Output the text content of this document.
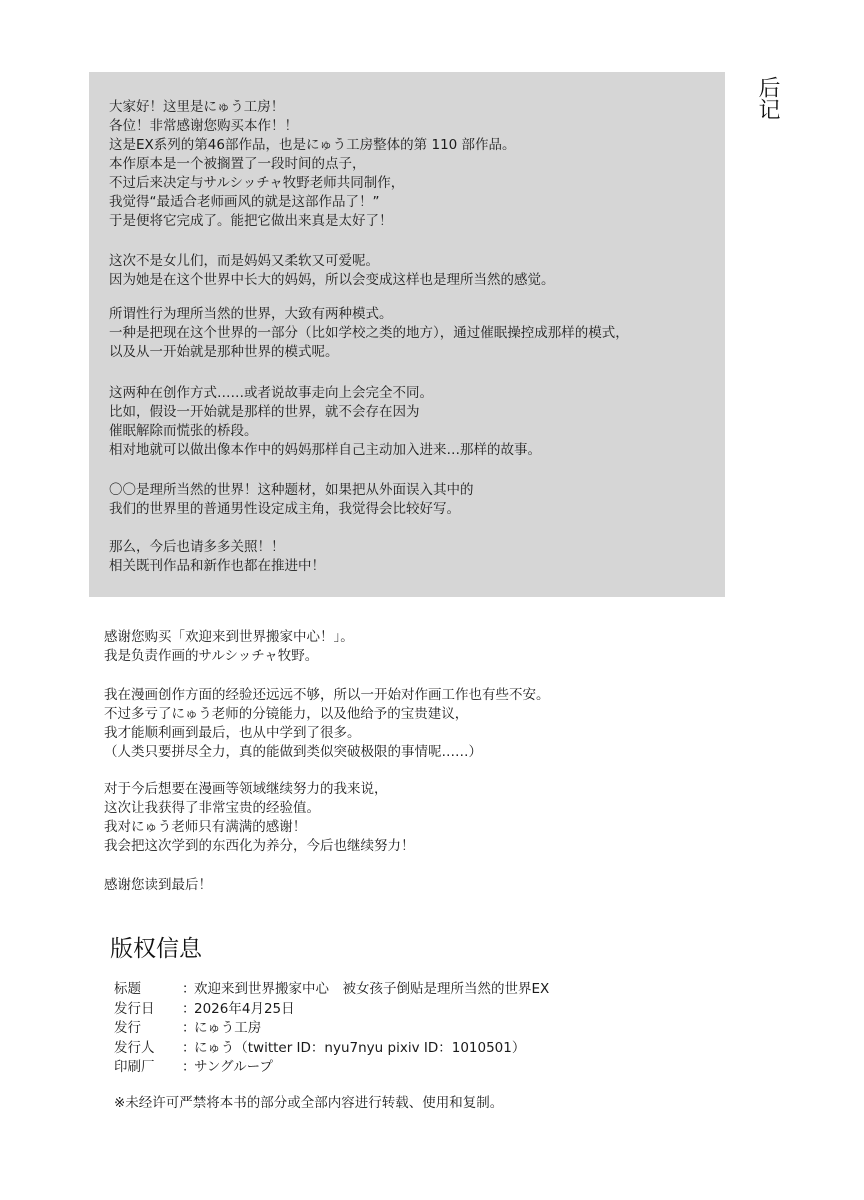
后记
大家好！这里是にゅう工房！
各位！非常感谢您购买本作！！
这是EX系列的第46部作品，也是にゅう工房整体的第 110 部作品。
本作原本是一个被搁置了一段时间的点子，
不过后来决定与サルシッチャ牧野老师共同制作，
我觉得“最适合老师画风的就是这部作品了！”
于是便将它完成了。能把它做出来真是太好了！
这次不是女儿们，而是妈妈又柔软又可爱呢。
因为她是在这个世界中长大的妈妈，所以会变成这样也是理所当然的感觉。
所谓性行为理所当然的世界，大致有两种模式。
一种是把现在这个世界的一部分（比如学校之类的地方），通过催眠操控成那样的模式，
以及从一开始就是那种世界的模式呢。
这两种在创作方式……或者说故事走向上会完全不同。
比如，假设一开始就是那样的世界，就不会存在因为
催眠解除而慌张的桥段。
相对地就可以做出像本作中的妈妈那样自己主动加入进来…那样的故事。
〇〇是理所当然的世界！这种题材，如果把从外面误入其中的
我们的世界里的普通男性设定成主角，我觉得会比较好写。
那么，今后也请多多关照！！
相关既刊作品和新作也都在推进中！
感谢您购买「欢迎来到世界搬家中心！」。
我是负责作画的サルシッチャ牧野。
我在漫画创作方面的经验还远远不够，所以一开始对作画工作也有些不安。
不过多亏了にゅう老师的分镜能力，以及他给予的宝贵建议，
我才能顺利画到最后，也从中学到了很多。
（人类只要拼尽全力，真的能做到类似突破极限的事情呢……）
对于今后想要在漫画等领域继续努力的我来说，
这次让我获得了非常宝贵的经验值。
我对にゅう老师只有满满的感谢！
我会把这次学到的东西化为养分，今后也继续努力！
感谢您读到最后！
版权信息
标题	：欢迎来到世界搬家中心　被女孩子倒贴是理所当然的世界EX
发行日 ：2026年4月25日
发行	：にゅう工房
发行人 ：にゅう（twitter ID：nyu7nyu pixiv ID：1010501）
印刷厂 ：サングループ
※未经许可严禁将本书的部分或全部内容进行转载、使用和复制。
